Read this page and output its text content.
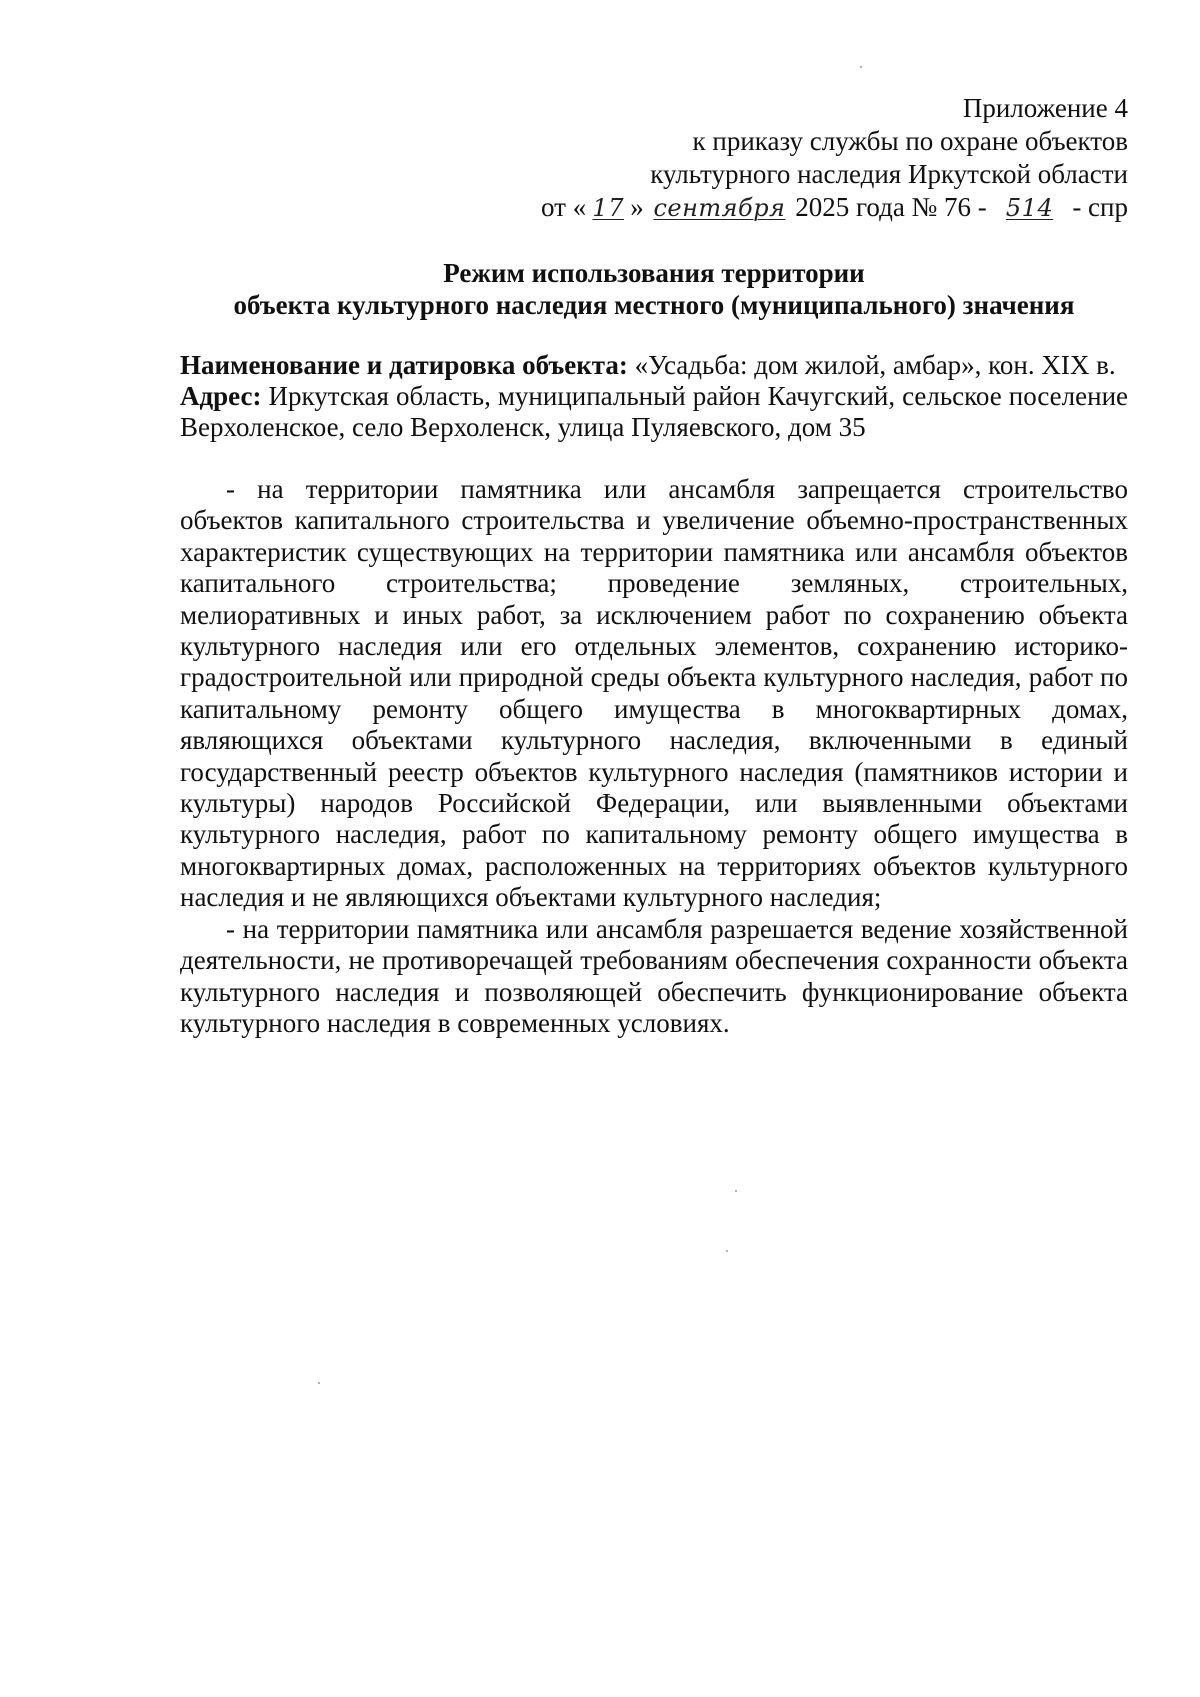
Приложение 4
к приказу службы по охране объектов
культурного наследия Иркутской области
от « 17 » сентября 2025 года № 76 - 514 - спр
Режим использования территории
объекта культурного наследия местного (муниципального) значения
Наименование и датировка объекта: «Усадьба: дом жилой, амбар», кон. XIX в.
Адрес: Иркутская область, муниципальный район Качугский, сельское поселение Верхоленское, село Верхоленск, улица Пуляевского, дом 35

- на территории памятника или ансамбля запрещается строительство объектов капитального строительства и увеличение объемно-пространственных характеристик существующих на территории памятника или ансамбля объектов капитального строительства; проведение земляных, строительных, мелиоративных и иных работ, за исключением работ по сохранению объекта культурного наследия или его отдельных элементов, сохранению историко-градостроительной или природной среды объекта культурного наследия, работ по капитальному ремонту общего имущества в многоквартирных домах, являющихся объектами культурного наследия, включенными в единый государственный реестр объектов культурного наследия (памятников истории и культуры) народов Российской Федерации, или выявленными объектами культурного наследия, работ по капитальному ремонту общего имущества в многоквартирных домах, расположенных на территориях объектов культурного наследия и не являющихся объектами культурного наследия;

- на территории памятника или ансамбля разрешается ведение хозяйственной деятельности, не противоречащей требованиям обеспечения сохранности объекта культурного наследия и позволяющей обеспечить функционирование объекта культурного наследия в современных условиях.
